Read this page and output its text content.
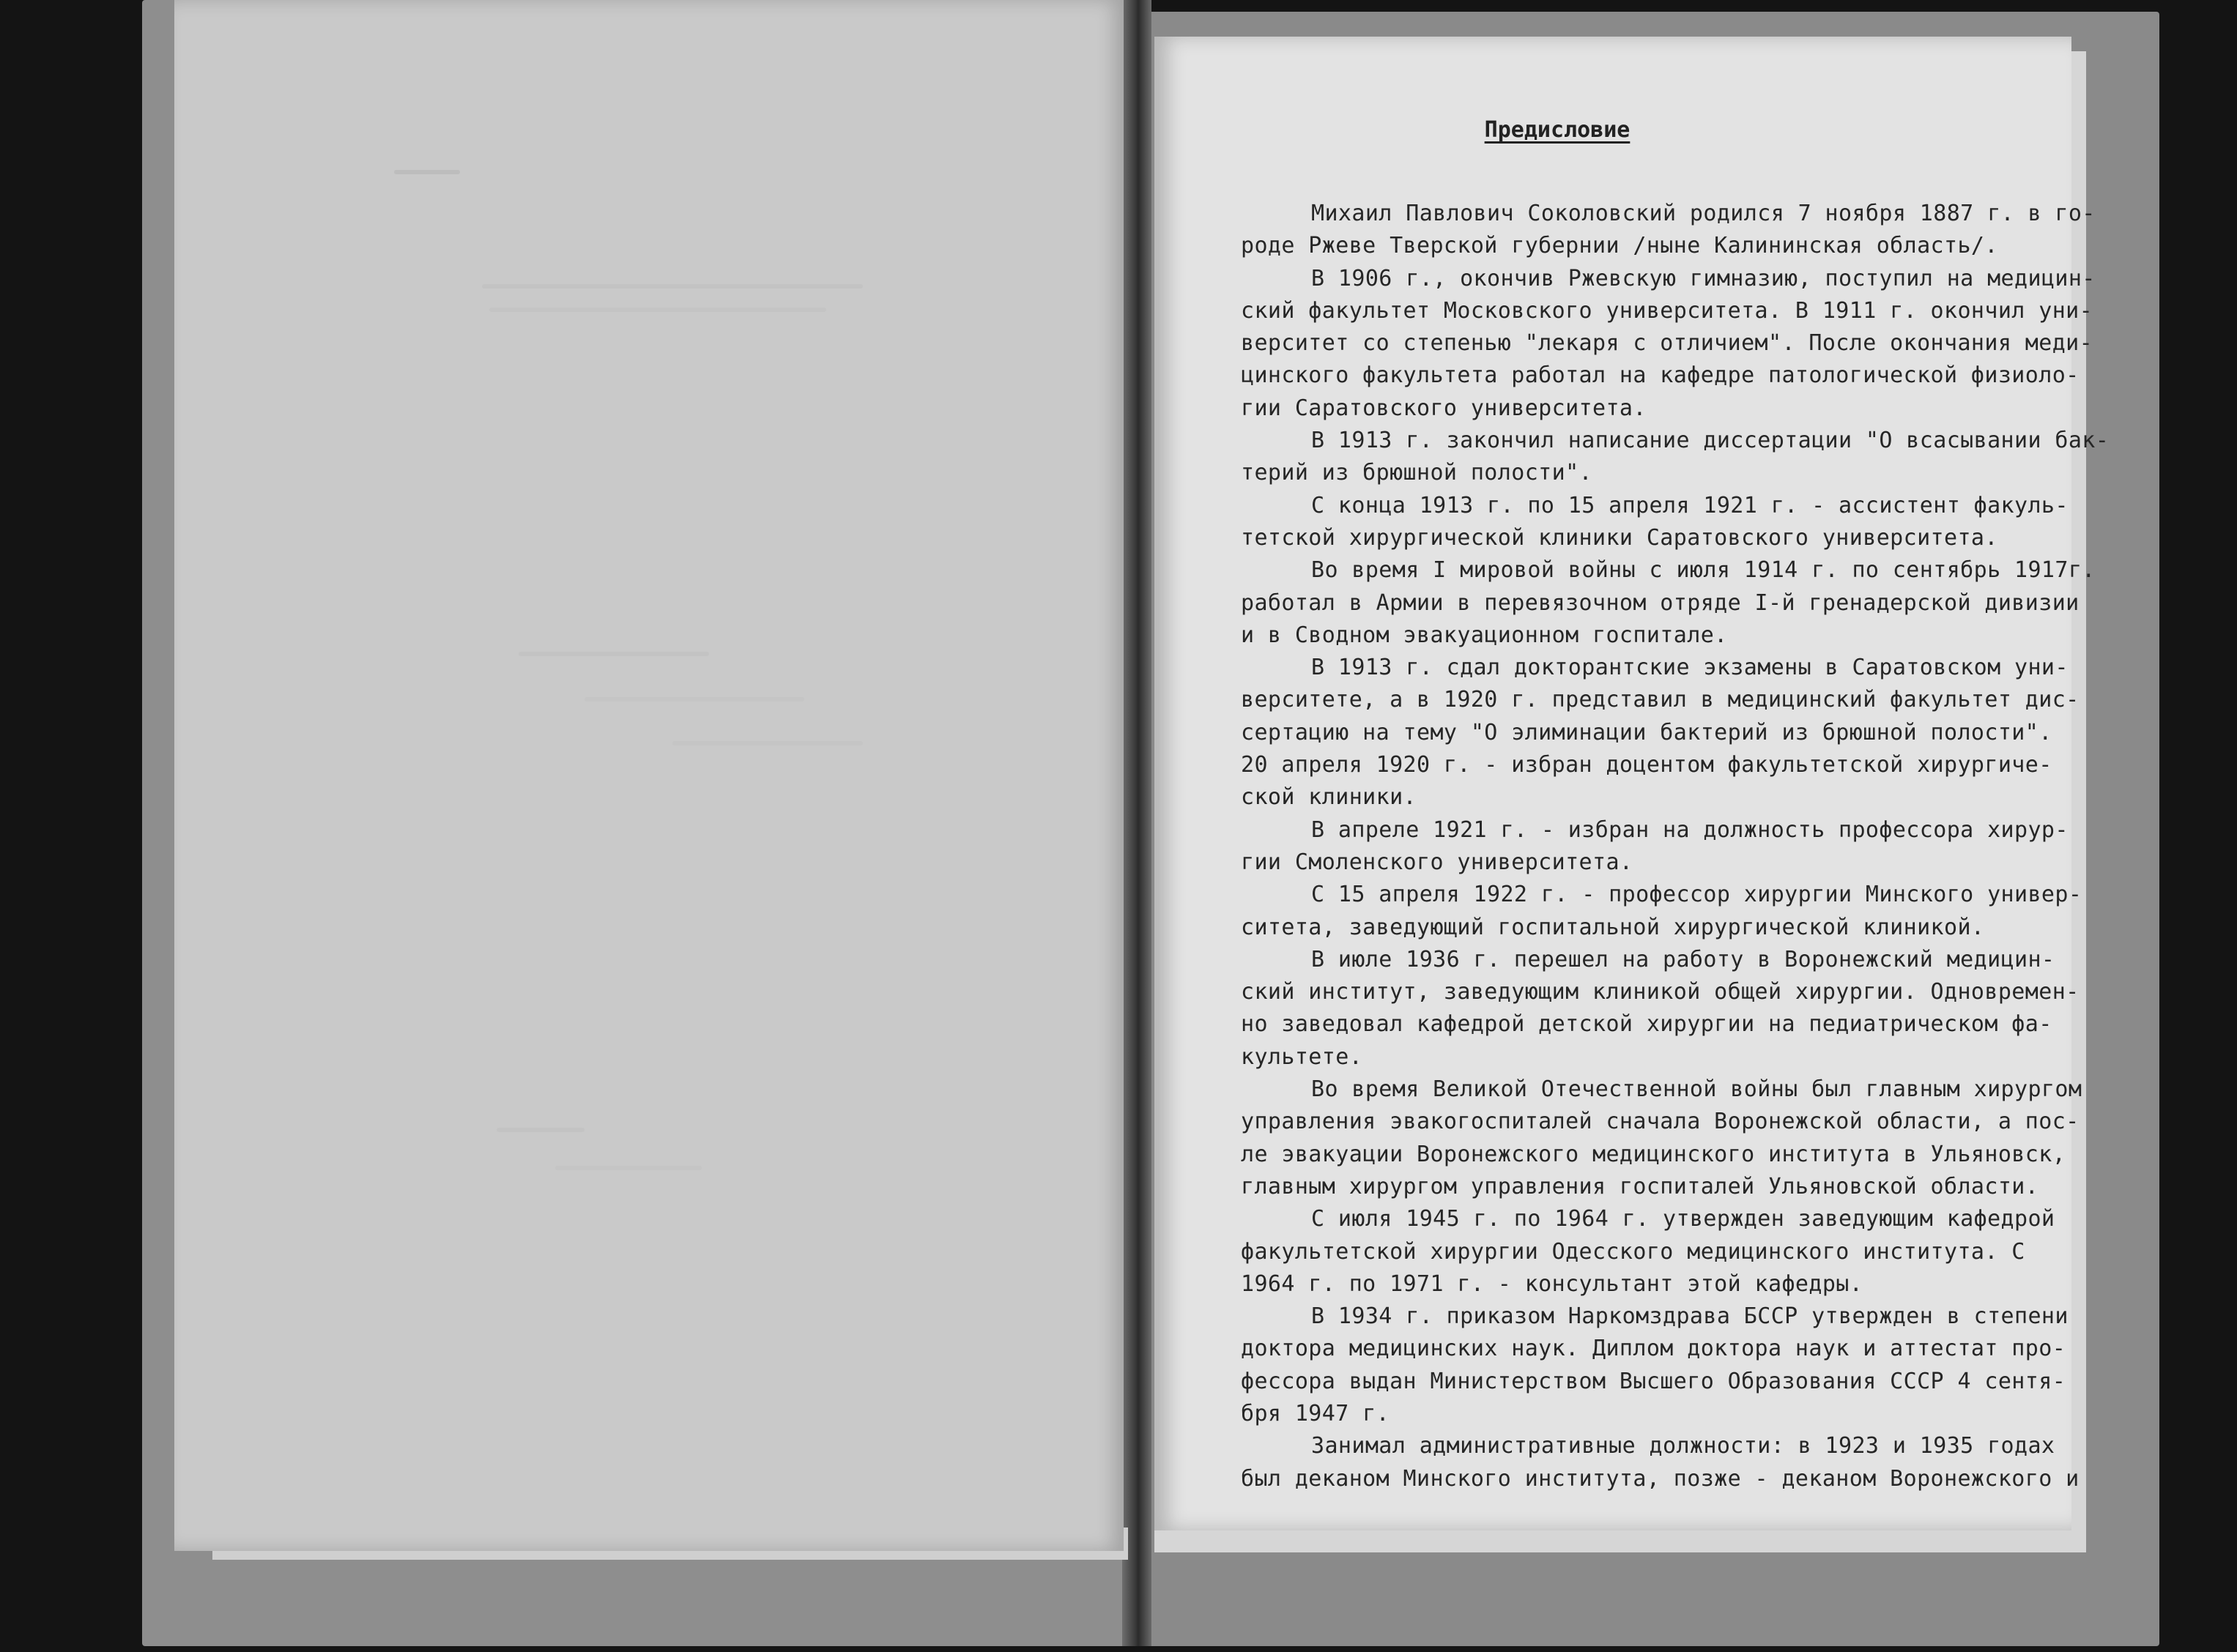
Предисловие
Михаил Павлович Соколовский родился 7 ноября 1887 г. в го-
роде Ржеве Тверской губернии /ныне Калининская область/.
В 1906 г., окончив Ржевскую гимназию, поступил на медицин-
ский факультет Московского университета. В 1911 г. окончил уни-
верситет со степенью "лекаря с отличием". После окончания меди-
цинского факультета работал на кафедре патологической физиоло-
гии Саратовского университета.
В 1913 г. закончил написание диссертации "О всасывании бак-
терий из брюшной полости".
С конца 1913 г. по 15 апреля 1921 г. - ассистент факуль-
тетской хирургической клиники Саратовского университета.
Во время I мировой войны с июля 1914 г. по сентябрь 1917г.
работал в Армии в перевязочном отряде I-й гренадерской дивизии
и в Сводном эвакуационном госпитале.
В 1913 г. сдал докторантские экзамены в Саратовском уни-
верситете, а в 1920 г. представил в медицинский факультет дис-
сертацию на тему "О элиминации бактерий из брюшной полости".
20 апреля 1920 г. - избран доцентом факультетской хирургиче-
ской клиники.
В апреле 1921 г. - избран на должность профессора хирур-
гии Смоленского университета.
С 15 апреля 1922 г. - профессор хирургии Минского универ-
ситета, заведующий госпитальной хирургической клиникой.
В июле 1936 г. перешел на работу в Воронежский медицин-
ский институт, заведующим клиникой общей хирургии. Одновремен-
но заведовал кафедрой детской хирургии на педиатрическом фа-
культете.
Во время Великой Отечественной войны был главным хирургом
управления эвакогоспиталей сначала Воронежской области, а пос-
ле эвакуации Воронежского медицинского института в Ульяновск,
главным хирургом управления госпиталей Ульяновской области.
С июля 1945 г. по 1964 г. утвержден заведующим кафедрой
факультетской хирургии Одесского медицинского института. С
1964 г. по 1971 г. - консультант этой кафедры.
В 1934 г. приказом Наркомздрава БССР утвержден в степени
доктора медицинских наук. Диплом доктора наук и аттестат про-
фессора выдан Министерством Высшего Образования СССР 4 сентя-
бря 1947 г.
Занимал административные должности: в 1923 и 1935 годах
был деканом Минского института, позже - деканом Воронежского и
